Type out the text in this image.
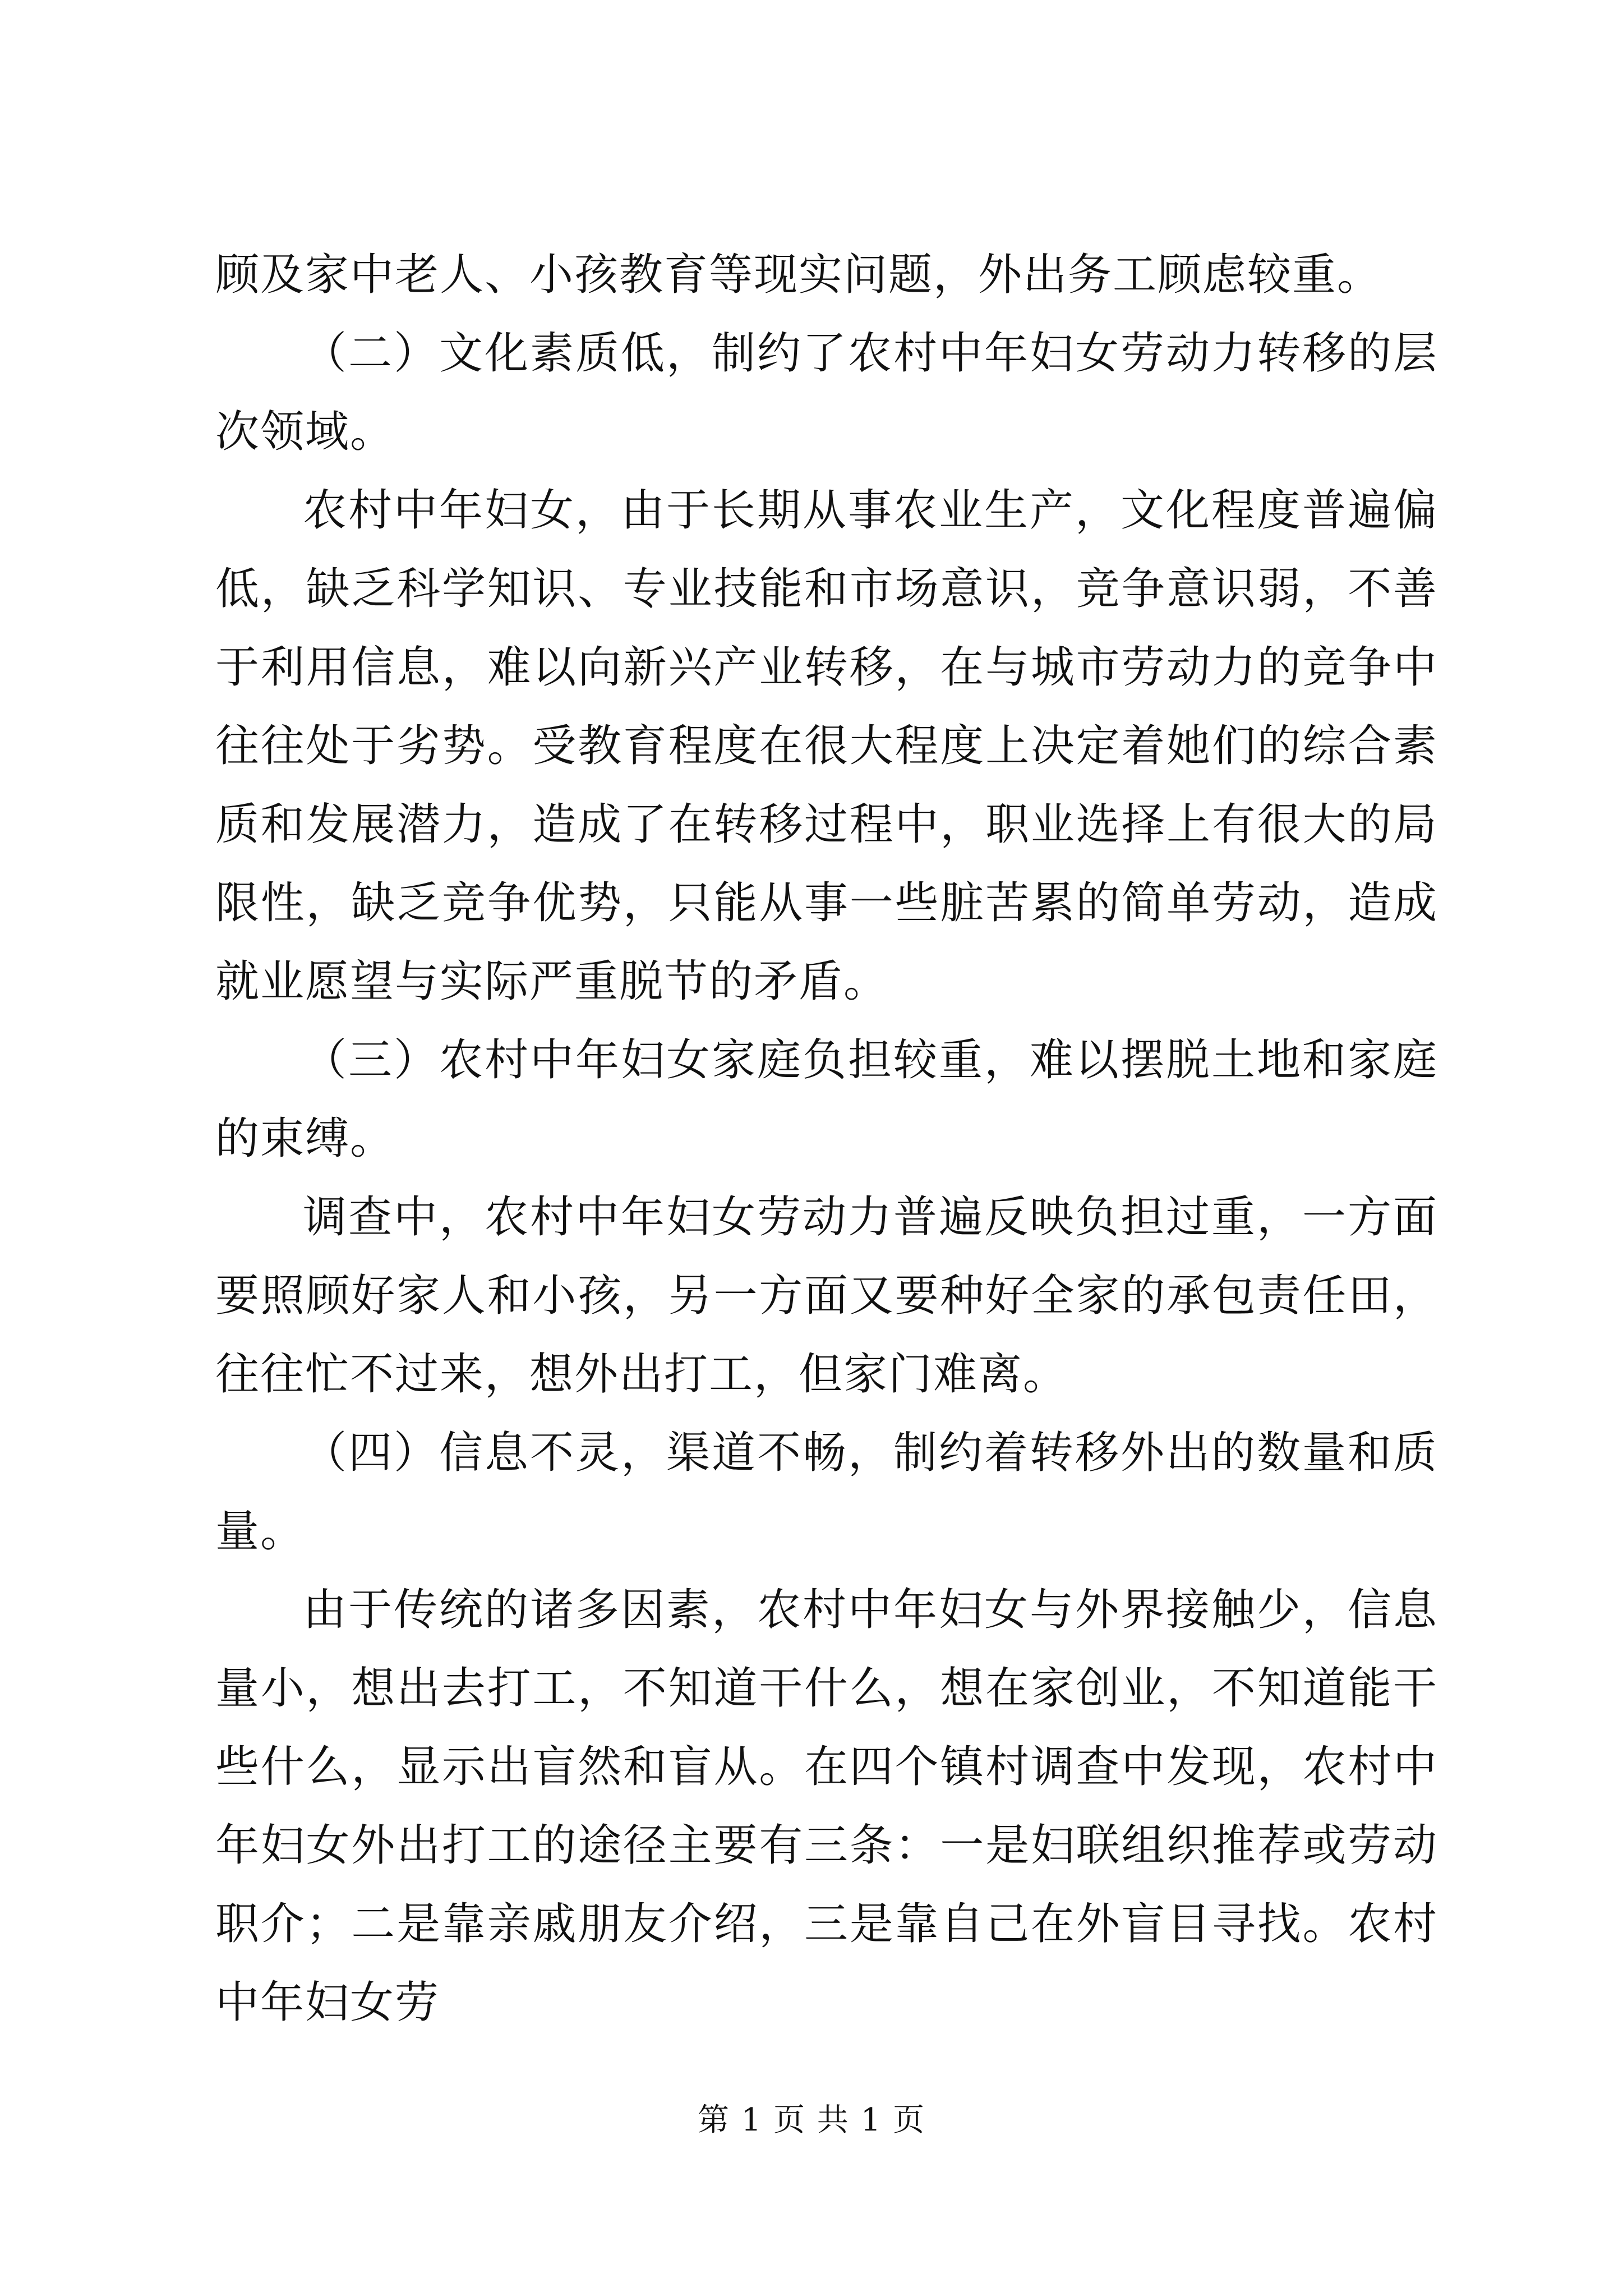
顾及家中老人、小孩教育等现实问题，外出务工顾虑较重。

（二）文化素质低，制约了农村中年妇女劳动力转移的层次领域。

农村中年妇女，由于长期从事农业生产，文化程度普遍偏低，缺乏科学知识、专业技能和市场意识，竞争意识弱，不善于利用信息，难以向新兴产业转移，在与城市劳动力的竞争中往往处于劣势。受教育程度在很大程度上决定着她们的综合素质和发展潜力，造成了在转移过程中，职业选择上有很大的局限性，缺乏竞争优势，只能从事一些脏苦累的简单劳动，造成就业愿望与实际严重脱节的矛盾。

（三）农村中年妇女家庭负担较重，难以摆脱土地和家庭的束缚。

调查中，农村中年妇女劳动力普遍反映负担过重，一方面要照顾好家人和小孩，另一方面又要种好全家的承包责任田，往往忙不过来，想外出打工，但家门难离。

（四）信息不灵，渠道不畅，制约着转移外出的数量和质量。

由于传统的诸多因素，农村中年妇女与外界接触少，信息量小，想出去打工，不知道干什么，想在家创业，不知道能干些什么，显示出盲然和盲从。在四个镇村调查中发现，农村中年妇女外出打工的途径主要有三条：一是妇联组织推荐或劳动职介；二是靠亲戚朋友介绍，三是靠自己在外盲目寻找。农村中年妇女劳

第 1 页 共 1 页
